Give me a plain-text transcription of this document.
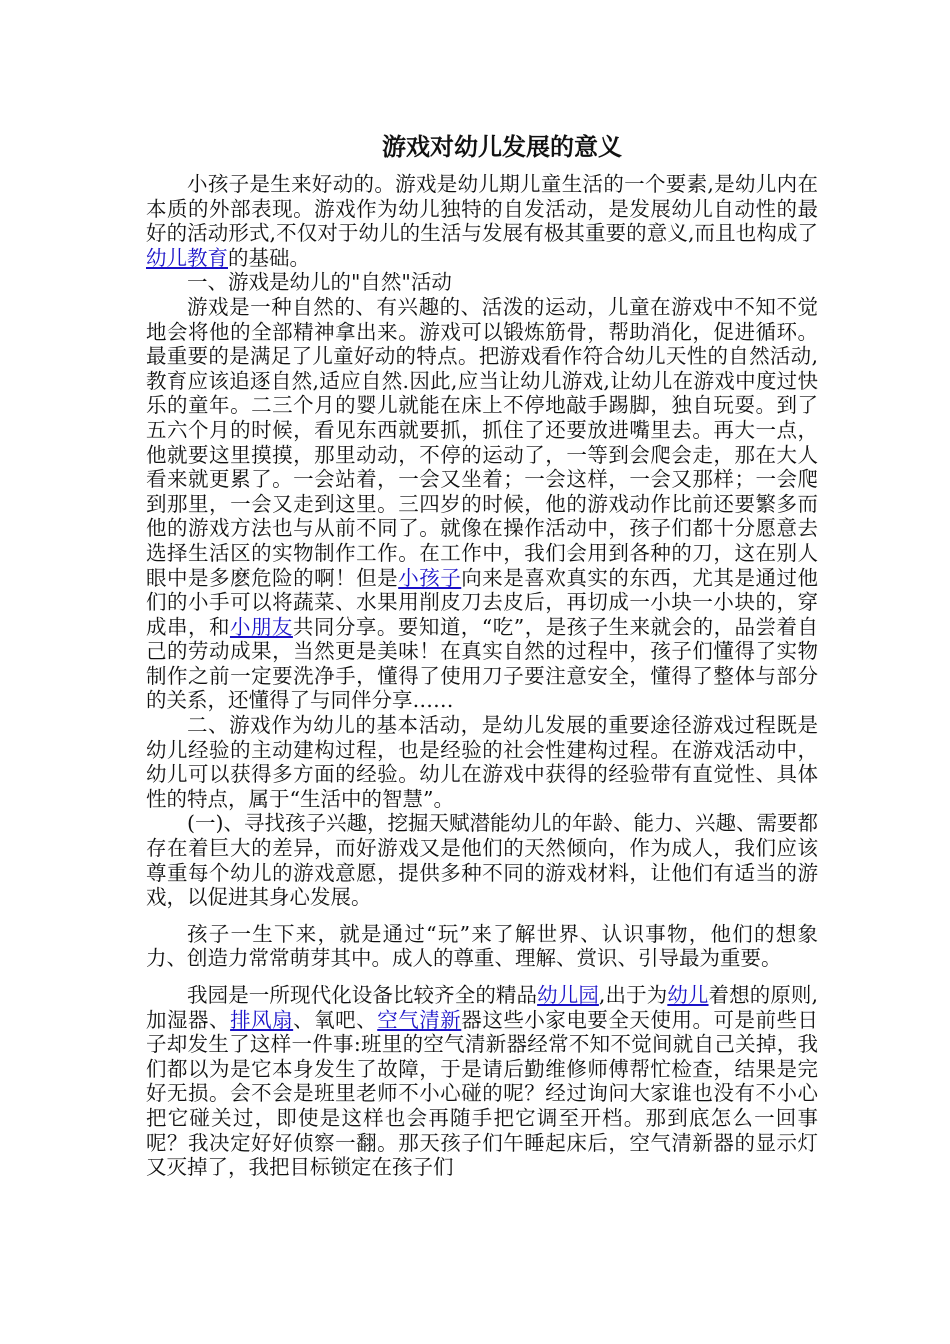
游戏对幼儿发展的意义

小孩子是生来好动的。游戏是幼儿期儿童生活的一个要素,是幼儿内在本质的外部表现。游戏作为幼儿独特的自发活动，是发展幼儿自动性的最好的活动形式,不仅对于幼儿的生活与发展有极其重要的意义,而且也构成了幼儿教育的基础。

一、游戏是幼儿的"自然"活动

游戏是一种自然的、有兴趣的、活泼的运动，儿童在游戏中不知不觉地会将他的全部精神拿出来。游戏可以锻炼筋骨，帮助消化，促进循环。最重要的是满足了儿童好动的特点。把游戏看作符合幼儿天性的自然活动,教育应该追逐自然,适应自然.因此,应当让幼儿游戏,让幼儿在游戏中度过快乐的童年。二三个月的婴儿就能在床上不停地敲手踢脚，独自玩耍。到了五六个月的时候，看见东西就要抓，抓住了还要放进嘴里去。再大一点，他就要这里摸摸，那里动动，不停的运动了，一等到会爬会走，那在大人看来就更累了。一会站着，一会又坐着；一会这样，一会又那样；一会爬到那里，一会又走到这里。三四岁的时候，他的游戏动作比前还要繁多而他的游戏方法也与从前不同了。就像在操作活动中，孩子们都十分愿意去选择生活区的实物制作工作。在工作中，我们会用到各种的刀，这在别人眼中是多麽危险的啊！但是小孩子向来是喜欢真实的东西，尤其是通过他们的小手可以将蔬菜、水果用削皮刀去皮后，再切成一小块一小块的，穿成串，和小朋友共同分享。要知道，“吃”，是孩子生来就会的，品尝着自己的劳动成果，当然更是美味！在真实自然的过程中，孩子们懂得了实物制作之前一定要洗净手，懂得了使用刀子要注意安全，懂得了整体与部分的关系，还懂得了与同伴分享……

二、游戏作为幼儿的基本活动，是幼儿发展的重要途径游戏过程既是幼儿经验的主动建构过程，也是经验的社会性建构过程。在游戏活动中，幼儿可以获得多方面的经验。幼儿在游戏中获得的经验带有直觉性、具体性的特点，属于“生活中的智慧”。

(一)、寻找孩子兴趣，挖掘天赋潜能幼儿的年龄、能力、兴趣、需要都存在着巨大的差异，而好游戏又是他们的天然倾向，作为成人，我们应该尊重每个幼儿的游戏意愿，提供多种不同的游戏材料，让他们有适当的游戏，以促进其身心发展。

孩子一生下来，就是通过“玩”来了解世界、认识事物，他们的想象力、创造力常常萌芽其中。成人的尊重、理解、赏识、引导最为重要。

我园是一所现代化设备比较齐全的精品幼儿园,出于为幼儿着想的原则,加湿器、排风扇、氧吧、空气清新器这些小家电要全天使用。可是前些日子却发生了这样一件事:班里的空气清新器经常不知不觉间就自己关掉，我们都以为是它本身发生了故障，于是请后勤维修师傅帮忙检查，结果是完好无损。会不会是班里老师不小心碰的呢？经过询问大家谁也没有不小心把它碰关过，即使是这样也会再随手把它调至开档。那到底怎么一回事呢？我决定好好侦察一翻。那天孩子们午睡起床后，空气清新器的显示灯又灭掉了，我把目标锁定在孩子们
